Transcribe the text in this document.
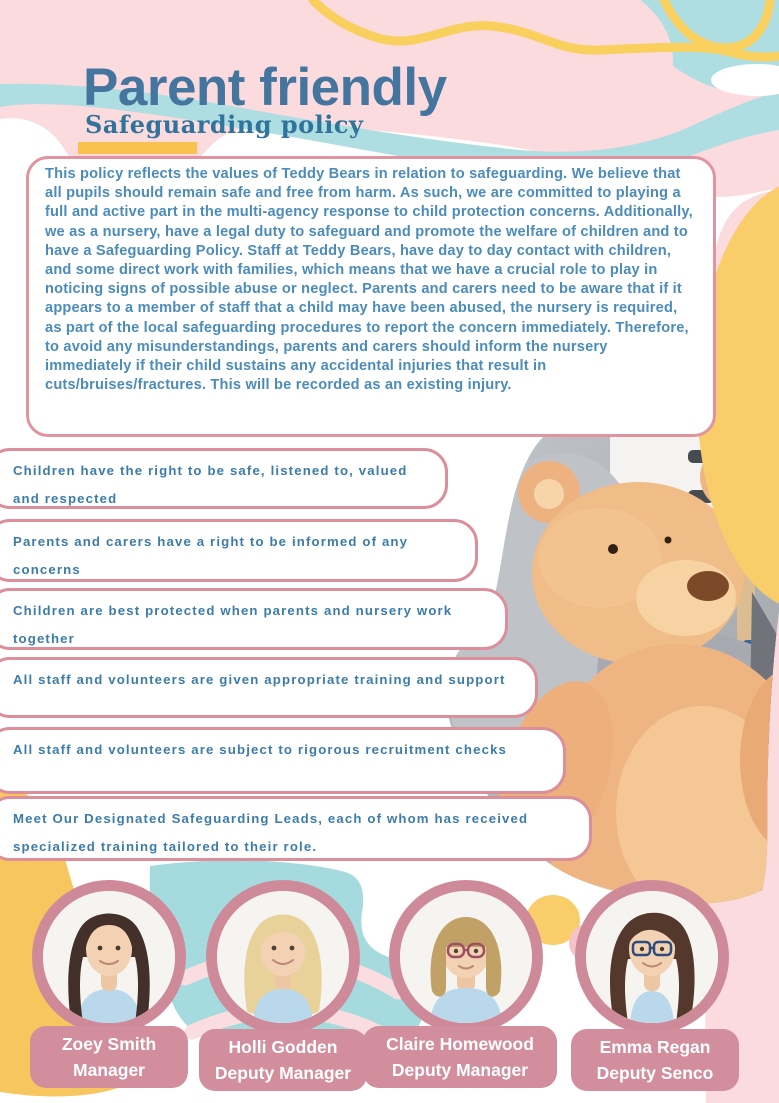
Parent friendly
Safeguarding policy

This policy reflects the values of Teddy Bears in relation to safeguarding. We believe that all pupils should remain safe and free from harm. As such, we are committed to playing a full and active part in the multi-agency response to child protection concerns. Additionally, we as a nursery, have a legal duty to safeguard and promote the welfare of children and to have a Safeguarding Policy. Staff at Teddy Bears, have day to day contact with children, and some direct work with families, which means that we have a crucial role to play in noticing signs of possible abuse or neglect. Parents and carers need to be aware that if it appears to a member of staff that a child may have been abused, the nursery is required, as part of the local safeguarding procedures to report the concern immediately. Therefore, to avoid any misunderstandings, parents and carers should inform the nursery immediately if their child sustains any accidental injuries that result in cuts/bruises/fractures. This will be recorded as an existing injury.

Children have the right to be safe, listened to, valued and respected
Parents and carers have a right to be informed of any concerns
Children are best protected when parents and nursery work together
All staff and volunteers are given appropriate training and support
All staff and volunteers are subject to rigorous recruitment checks
Meet Our Designated Safeguarding Leads, each of whom has received specialized training tailored to their role.
Zoey Smith
Manager
Holli Godden
Deputy Manager
Claire Homewood
Deputy Manager
Emma Regan
Deputy Senco
